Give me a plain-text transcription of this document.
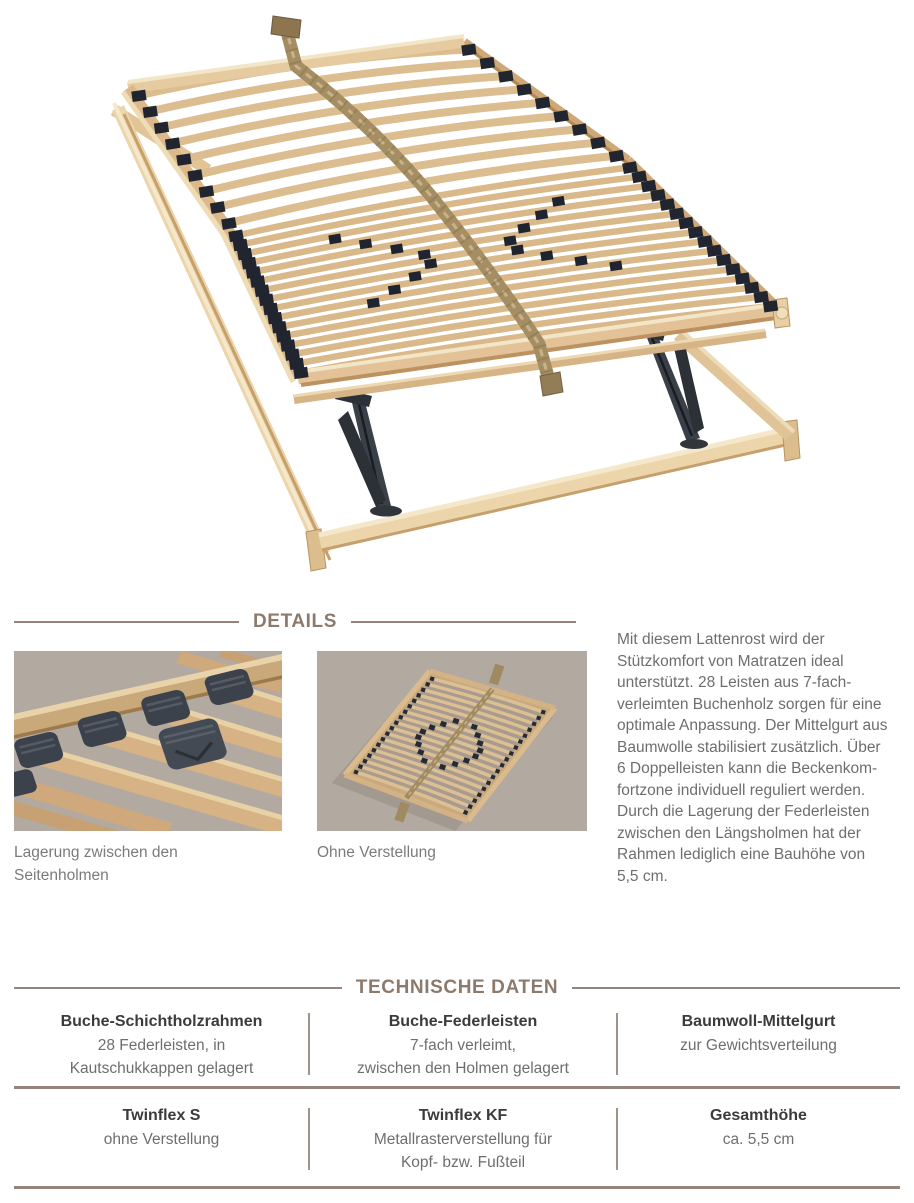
DETAILS
Lagerung zwischen den
Seitenholmen
Ohne Verstellung
Mit diesem Lattenrost wird der
Stützkomfort von Matratzen ideal
unterstützt. 28 Leisten aus 7-fach-
verleimten Buchenholz sorgen für eine
optimale Anpassung. Der Mittelgurt aus
Baumwolle stabilisiert zusätzlich. Über
6 Doppelleisten kann die Beckenkom-
fortzone individuell reguliert werden.
Durch die Lagerung der Federleisten
zwischen den Längsholmen hat der
Rahmen lediglich eine Bauhöhe von
5,5 cm.
TECHNISCHE DATEN
Buche-Schichtholzrahmen
28 Federleisten, in
Kautschukkappen gelagert
Buche-Federleisten
7-fach verleimt,
zwischen den Holmen gelagert
Baumwoll-Mittelgurt
zur Gewichtsverteilung
Twinflex S
ohne Verstellung
Twinflex KF
Metallrasterverstellung für
Kopf- bzw. Fußteil
Gesamthöhe
ca. 5,5 cm
